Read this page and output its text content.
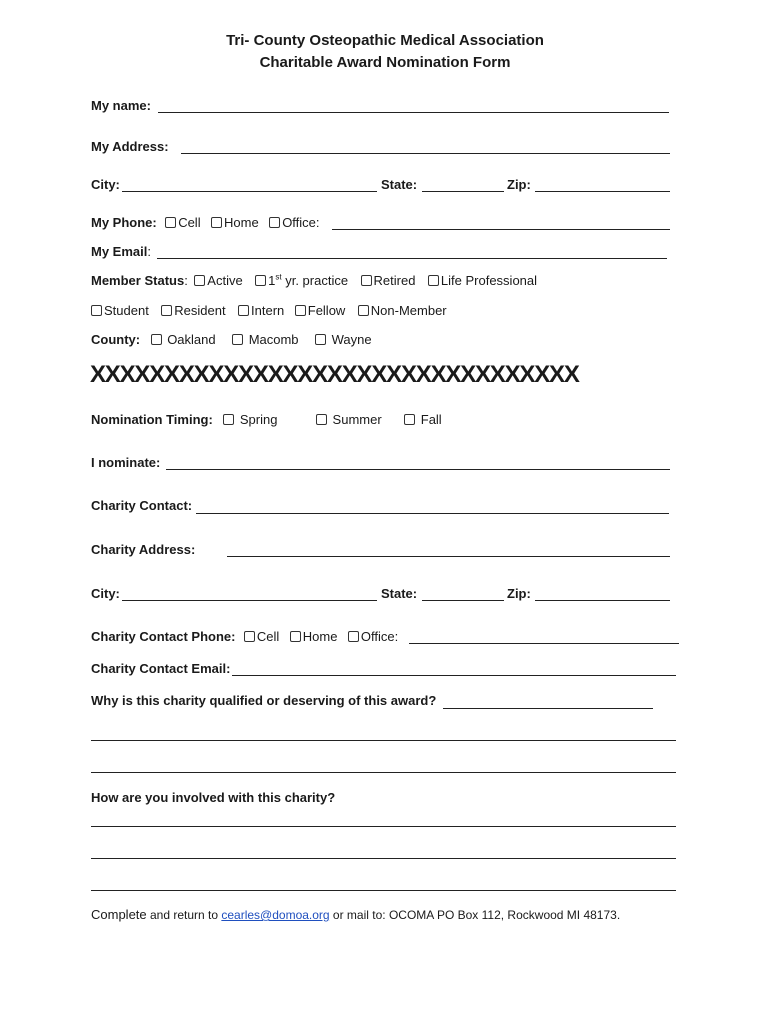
Tri- County Osteopathic Medical Association
Charitable Award Nomination Form
My name:
My Address:
City:	State:	Zip:
My Phone: Cell Home Office:
My Email:
Member Status: Active 1st yr. practice Retired Life Professional
Student Resident Intern Fellow Non-Member
County: Oakland	Macomb	Wayne
XXXXXXXXXXXXXXXXXXXXXXXXXXXXXXXXX
Nomination Timing: Spring	Summer	Fall
I nominate:
Charity Contact:
Charity Address:
City:	State:	Zip:
Charity Contact Phone: Cell Home Office:
Charity Contact Email:
Why is this charity qualified or deserving of this award?
How are you involved with this charity?
Complete and return to cearles@domoa.org or mail to: OCOMA PO Box 112, Rockwood MI 48173.
